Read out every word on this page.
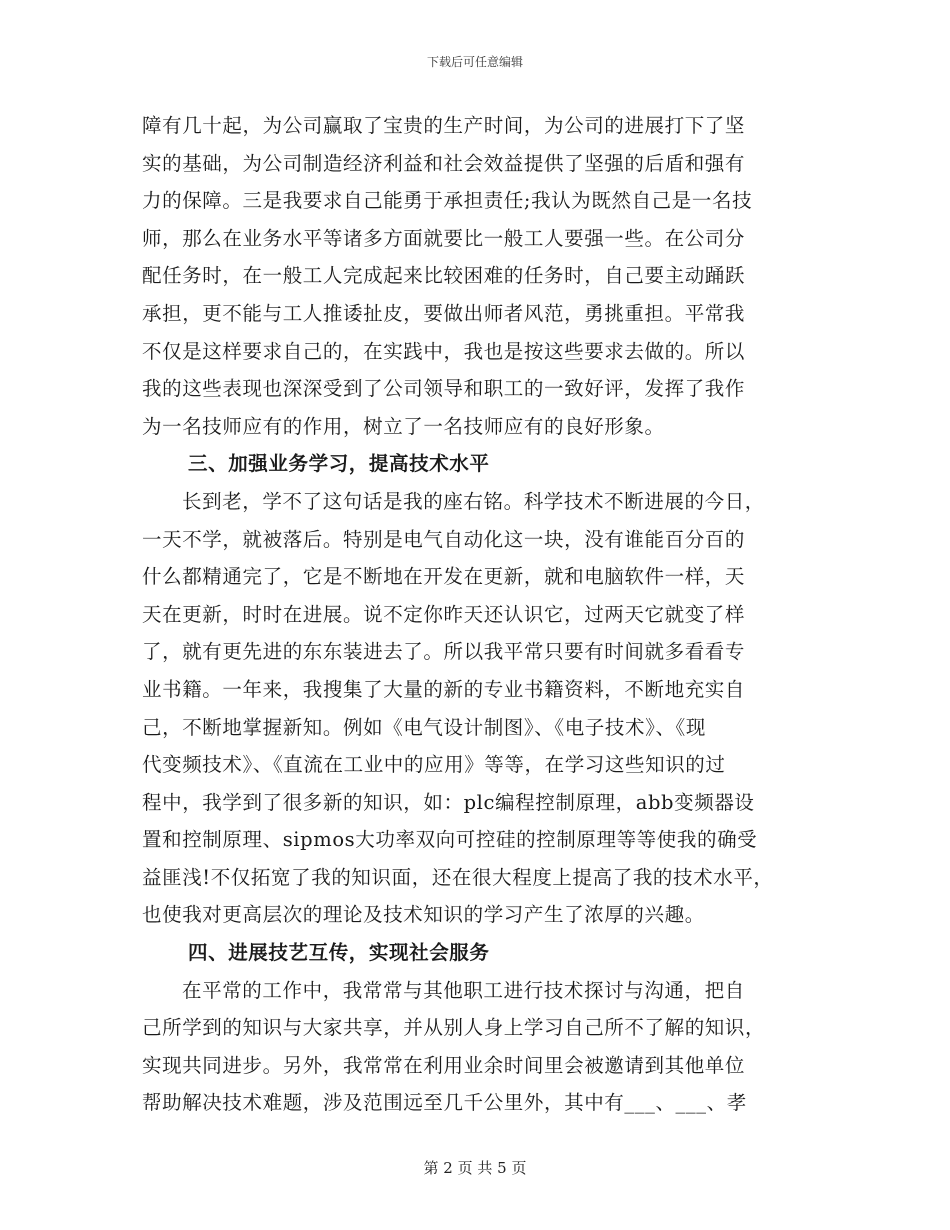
下载后可任意编辑
障有几十起，为公司赢取了宝贵的生产时间，为公司的进展打下了坚
实的基础，为公司制造经济利益和社会效益提供了坚强的后盾和强有
力的保障。三是我要求自己能勇于承担责任;我认为既然自己是一名技
师，那么在业务水平等诸多方面就要比一般工人要强一些。在公司分
配任务时，在一般工人完成起来比较困难的任务时，自己要主动踊跃
承担，更不能与工人推诿扯皮，要做出师者风范，勇挑重担。平常我
不仅是这样要求自己的，在实践中，我也是按这些要求去做的。所以
我的这些表现也深深受到了公司领导和职工的一致好评，发挥了我作
为一名技师应有的作用，树立了一名技师应有的良好形象。
三、加强业务学习，提高技术水平
长到老，学不了这句话是我的座右铭。科学技术不断进展的今日，
一天不学，就被落后。特别是电气自动化这一块，没有谁能百分百的
什么都精通完了，它是不断地在开发在更新，就和电脑软件一样，天
天在更新，时时在进展。说不定你昨天还认识它，过两天它就变了样
了，就有更先进的东东装进去了。所以我平常只要有时间就多看看专
业书籍。一年来，我搜集了大量的新的专业书籍资料，不断地充实自
己，不断地掌握新知。例如《电气设计制图》、《电子技术》、《现
代变频技术》、《直流在工业中的应用》等等，在学习这些知识的过
程中，我学到了很多新的知识，如：plc编程控制原理，abb变频器设
置和控制原理、sipmos大功率双向可控硅的控制原理等等使我的确受
益匪浅!不仅拓宽了我的知识面，还在很大程度上提高了我的技术水平，
也使我对更高层次的理论及技术知识的学习产生了浓厚的兴趣。
四、进展技艺互传，实现社会服务
在平常的工作中，我常常与其他职工进行技术探讨与沟通，把自
己所学到的知识与大家共享，并从别人身上学习自己所不了解的知识，
实现共同进步。另外，我常常在利用业余时间里会被邀请到其他单位
帮助解决技术难题，涉及范围远至几千公里外，其中有___、___、孝
第 2 页 共 5 页
